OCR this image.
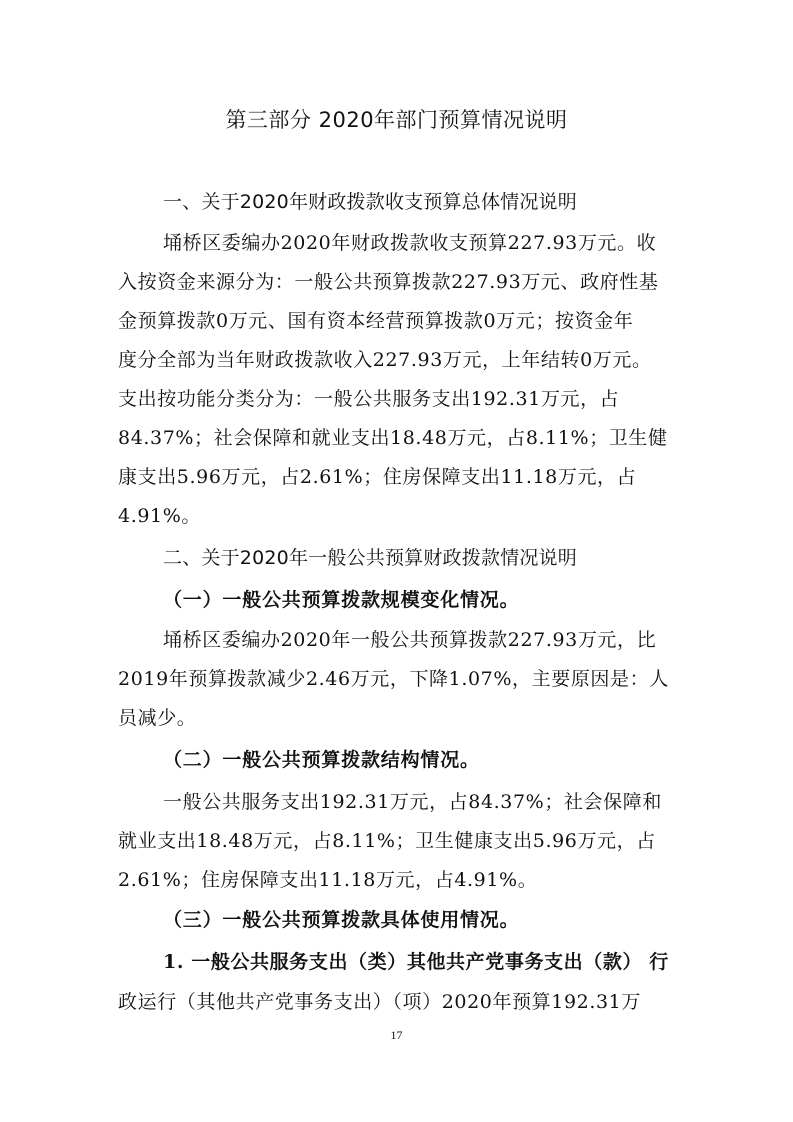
第三部分 2020年部门预算情况说明
一、关于2020年财政拨款收支预算总体情况说明
埇桥区委编办2020年财政拨款收支预算227.93万元。收
入按资金来源分为：一般公共预算拨款227.93万元、政府性基
金预算拨款0万元、国有资本经营预算拨款0万元；按资金年
度分全部为当年财政拨款收入227.93万元，上年结转0万元。
支出按功能分类分为：一般公共服务支出192.31万元，占
84.37%；社会保障和就业支出18.48万元，占8.11%；卫生健
康支出5.96万元，占2.61%；住房保障支出11.18万元，占
4.91%。
二、关于2020年一般公共预算财政拨款情况说明
（一）一般公共预算拨款规模变化情况。
埇桥区委编办2020年一般公共预算拨款227.93万元，比
2019年预算拨款减少2.46万元，下降1.07%，主要原因是：人
员减少。
（二）一般公共预算拨款结构情况。
一般公共服务支出192.31万元，占84.37%；社会保障和
就业支出18.48万元，占8.11%；卫生健康支出5.96万元，占
2.61%；住房保障支出11.18万元，占4.91%。
（三）一般公共预算拨款具体使用情况。
1. 一般公共服务支出（类）其他共产党事务支出（款） 行
政运行（其他共产党事务支出）（项）2020年预算192.31万
17
